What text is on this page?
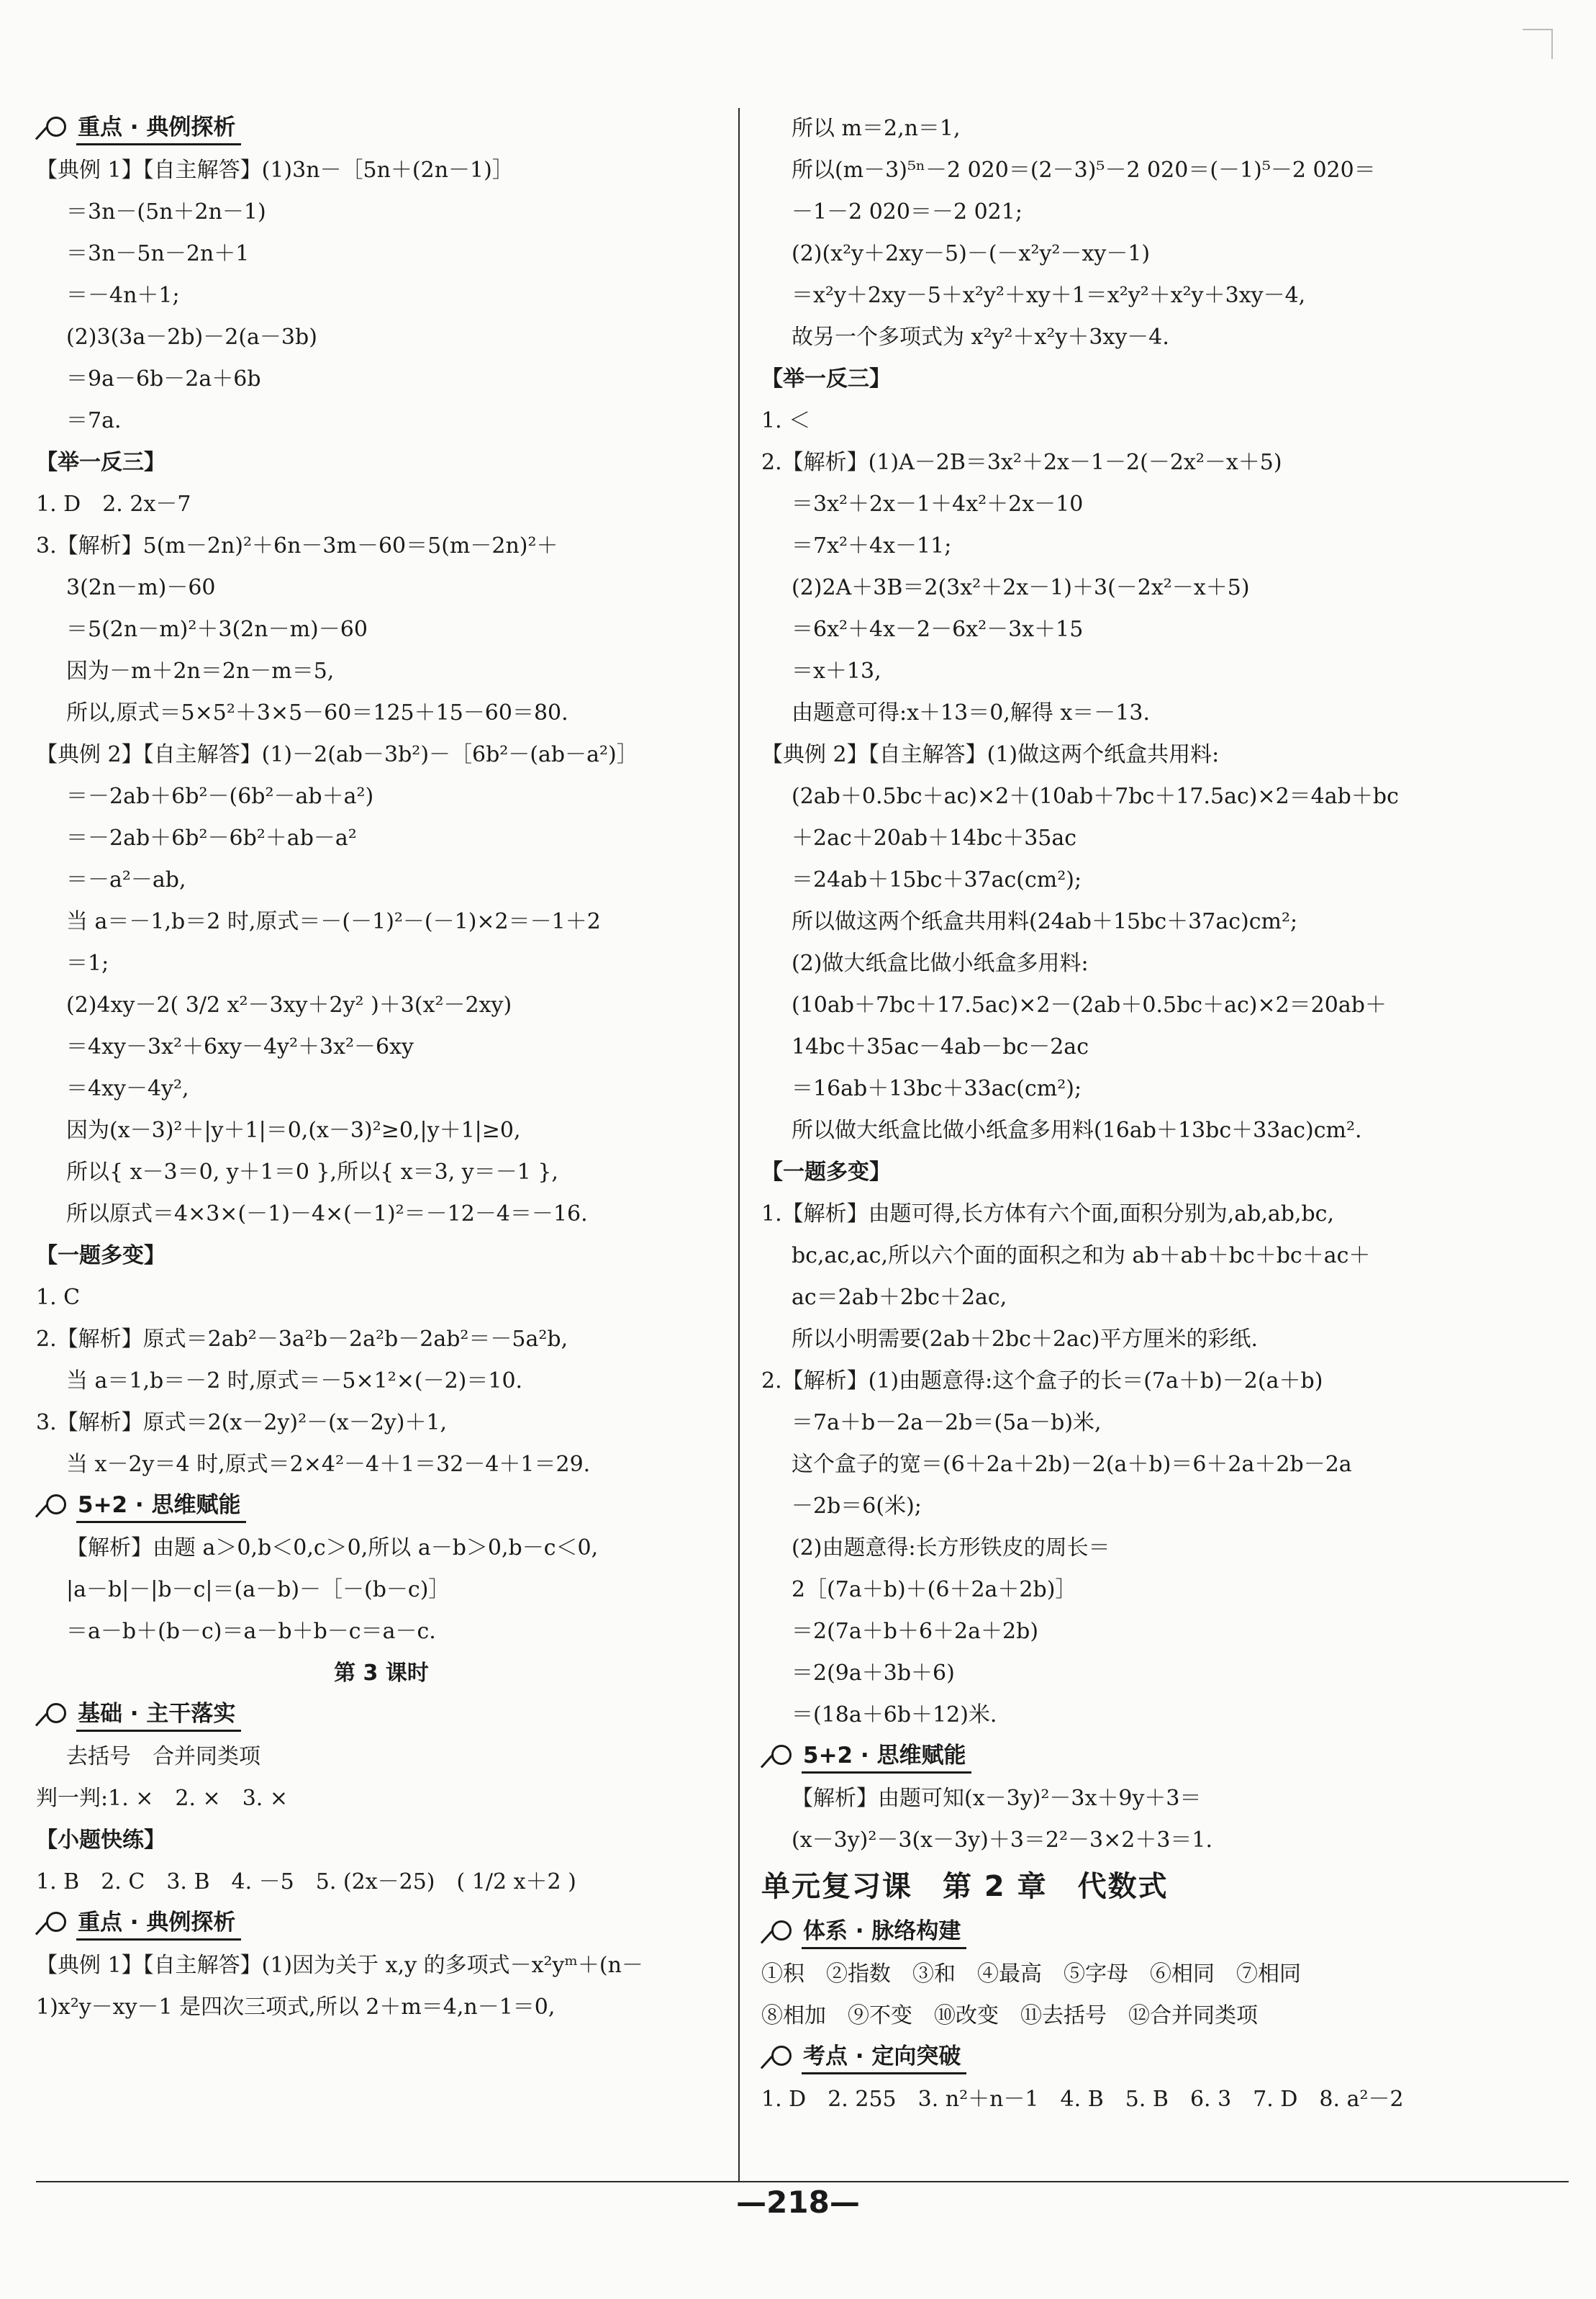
重点 · 典例探析
【典例 1】【自主解答】(1)3n－［5n＋(2n－1)］
＝3n－(5n＋2n－1)
＝3n－5n－2n＋1
＝－4n＋1;
(2)3(3a－2b)－2(a－3b)
＝9a－6b－2a＋6b
＝7a.
【举一反三】
1. D　2. 2x－7
3.【解析】5(m－2n)²＋6n－3m－60＝5(m－2n)²＋
3(2n－m)－60
＝5(2n－m)²＋3(2n－m)－60
因为－m＋2n＝2n－m＝5,
所以,原式＝5×5²＋3×5－60＝125＋15－60＝80.
【典例 2】【自主解答】(1)－2(ab－3b²)－［6b²－(ab－a²)］
＝－2ab＋6b²－(6b²－ab＋a²)
＝－2ab＋6b²－6b²＋ab－a²
＝－a²－ab,
当 a＝－1,b＝2 时,原式＝－(－1)²－(－1)×2＝－1＋2
＝1;
(2)4xy－2( 3/2 x²－3xy＋2y² )＋3(x²－2xy)
＝4xy－3x²＋6xy－4y²＋3x²－6xy
＝4xy－4y²,
因为(x－3)²＋|y＋1|＝0,(x－3)²≥0,|y＋1|≥0,
所以{ x－3＝0, y＋1＝0 },所以{ x＝3, y＝－1 },
所以原式＝4×3×(－1)－4×(－1)²＝－12－4＝－16.
【一题多变】
1. C
2.【解析】原式＝2ab²－3a²b－2a²b－2ab²＝－5a²b,
当 a＝1,b＝－2 时,原式＝－5×1²×(－2)＝10.
3.【解析】原式＝2(x－2y)²－(x－2y)＋1,
当 x－2y＝4 时,原式＝2×4²－4＋1＝32－4＋1＝29.
5+2 · 思维赋能
【解析】由题 a＞0,b＜0,c＞0,所以 a－b＞0,b－c＜0,
|a－b|－|b－c|＝(a－b)－［－(b－c)］
＝a－b＋(b－c)＝a－b＋b－c＝a－c.
第 3 课时
基础 · 主干落实
去括号　合并同类项
判一判:1. ×　2. ×　3. ×
【小题快练】
1. B　2. C　3. B　4. －5　5. (2x－25)　( 1/2 x＋2 )
重点 · 典例探析
【典例 1】【自主解答】(1)因为关于 x,y 的多项式－x²yᵐ＋(n－
1)x²y－xy－1 是四次三项式,所以 2＋m＝4,n－1＝0,
所以 m＝2,n＝1,
所以(m－3)⁵ⁿ－2 020＝(2－3)⁵－2 020＝(－1)⁵－2 020＝
－1－2 020＝－2 021;
(2)(x²y＋2xy－5)－(－x²y²－xy－1)
＝x²y＋2xy－5＋x²y²＋xy＋1＝x²y²＋x²y＋3xy－4,
故另一个多项式为 x²y²＋x²y＋3xy－4.
【举一反三】
1. ＜
2.【解析】(1)A－2B＝3x²＋2x－1－2(－2x²－x＋5)
＝3x²＋2x－1＋4x²＋2x－10
＝7x²＋4x－11;
(2)2A＋3B＝2(3x²＋2x－1)＋3(－2x²－x＋5)
＝6x²＋4x－2－6x²－3x＋15
＝x＋13,
由题意可得:x＋13＝0,解得 x＝－13.
【典例 2】【自主解答】(1)做这两个纸盒共用料:
(2ab＋0.5bc＋ac)×2＋(10ab＋7bc＋17.5ac)×2＝4ab＋bc
＋2ac＋20ab＋14bc＋35ac
＝24ab＋15bc＋37ac(cm²);
所以做这两个纸盒共用料(24ab＋15bc＋37ac)cm²;
(2)做大纸盒比做小纸盒多用料:
(10ab＋7bc＋17.5ac)×2－(2ab＋0.5bc＋ac)×2＝20ab＋
14bc＋35ac－4ab－bc－2ac
＝16ab＋13bc＋33ac(cm²);
所以做大纸盒比做小纸盒多用料(16ab＋13bc＋33ac)cm².
【一题多变】
1.【解析】由题可得,长方体有六个面,面积分别为,ab,ab,bc,
bc,ac,ac,所以六个面的面积之和为 ab＋ab＋bc＋bc＋ac＋
ac＝2ab＋2bc＋2ac,
所以小明需要(2ab＋2bc＋2ac)平方厘米的彩纸.
2.【解析】(1)由题意得:这个盒子的长＝(7a＋b)－2(a＋b)
＝7a＋b－2a－2b＝(5a－b)米,
这个盒子的宽＝(6＋2a＋2b)－2(a＋b)＝6＋2a＋2b－2a
－2b＝6(米);
(2)由题意得:长方形铁皮的周长＝
2［(7a＋b)＋(6＋2a＋2b)］
＝2(7a＋b＋6＋2a＋2b)
＝2(9a＋3b＋6)
＝(18a＋6b＋12)米.
5+2 · 思维赋能
【解析】由题可知(x－3y)²－3x＋9y＋3＝
(x－3y)²－3(x－3y)＋3＝2²－3×2＋3＝1.
单元复习课　第 2 章　代数式
体系 · 脉络构建
①积　②指数　③和　④最高　⑤字母　⑥相同　⑦相同
⑧相加　⑨不变　⑩改变　⑪去括号　⑫合并同类项
考点 · 定向突破
1. D　2. 255　3. n²＋n－1　4. B　5. B　6. 3　7. D　8. a²－2
—218—
